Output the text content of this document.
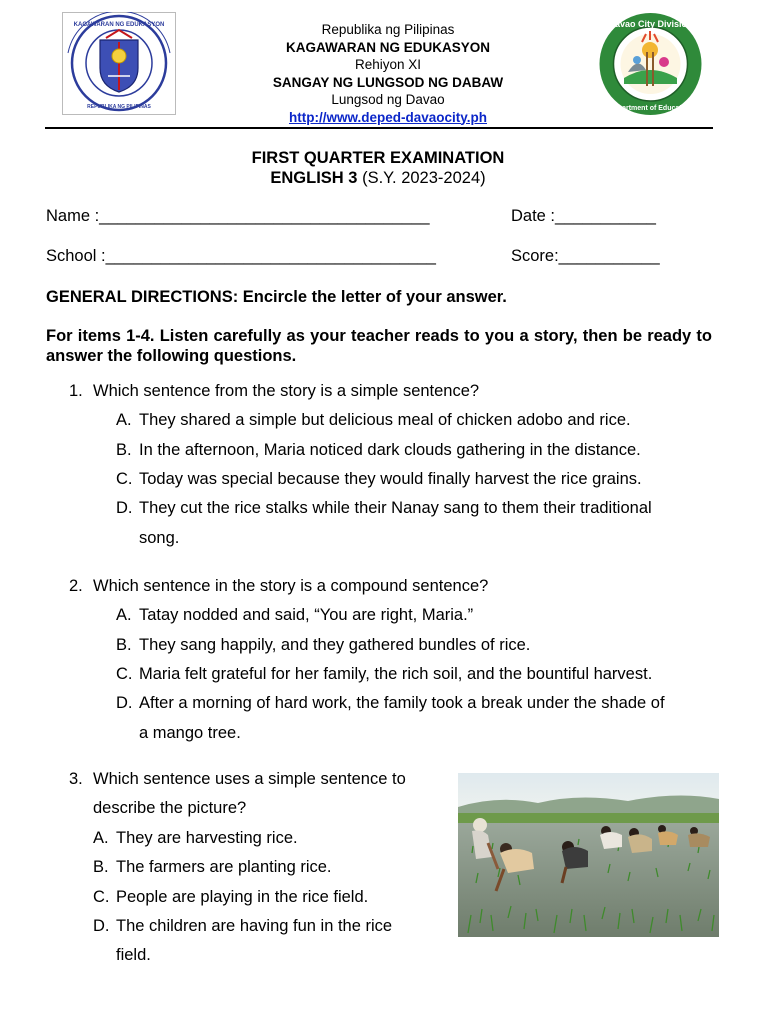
KAGAWARAN NG EDUKASYON
REPUBLIKA NG PILIPINAS
Republika ng Pilipinas
KAGAWARAN NG EDUKASYON
Rehiyon XI
SANGAY NG LUNGSOD NG DABAW
Lungsod ng Davao
http://www.deped-davaocity.ph
Davao City Division
Department of Education
FIRST QUARTER EXAMINATION
ENGLISH 3 (S.Y. 2023-2024)
Name :____________________________________	Date :___________
School :____________________________________	Score:___________
GENERAL DIRECTIONS: Encircle the letter of your answer.
For items 1-4. Listen carefully as your teacher reads to you a story, then be ready to answer the following questions.
1. Which sentence from the story is a simple sentence?
A. They shared a simple but delicious meal of chicken adobo and rice.
B. In the afternoon, Maria noticed dark clouds gathering in the distance.
C. Today was special because they would finally harvest the rice grains.
D. They cut the rice stalks while their Nanay sang to them their traditional
song.
2. Which sentence in the story is a compound sentence?
A. Tatay nodded and said, “You are right, Maria.”
B. They sang happily, and they gathered bundles of rice.
C. Maria felt grateful for her family, the rich soil, and the bountiful harvest.
D. After a morning of hard work, the family took a break under the shade of
a mango tree.
3. Which sentence uses a simple sentence to
describe the picture?
A. They are harvesting rice.
B. The farmers are planting rice.
C. People are playing in the rice field.
D. The children are having fun in the rice
field.
